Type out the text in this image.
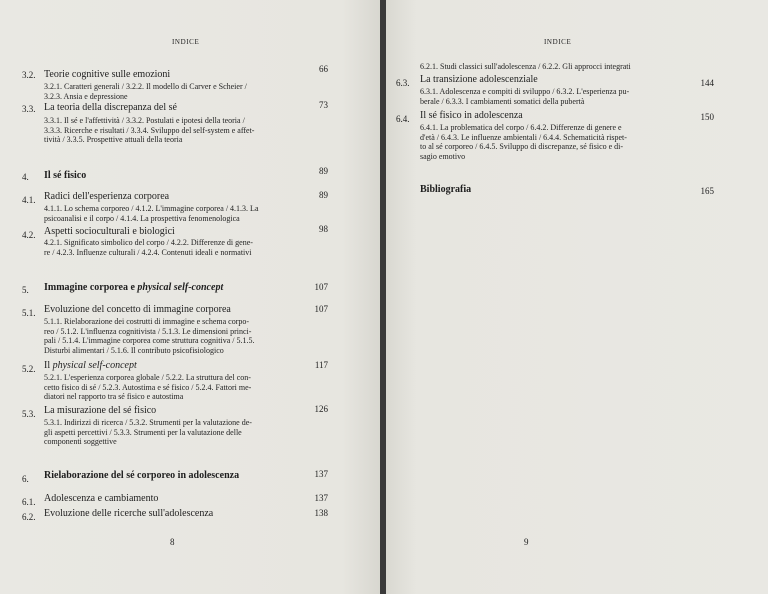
INDICE
3.2. Teorie cognitive sulle emozioni	66
3.2.1. Caratteri generali / 3.2.2. Il modello di Carver e Scheier /
3.2.3. Ansia e depressione
3.3. La teoria della discrepanza del sé	73
3.3.1. Il sé e l'affettività / 3.3.2. Postulati e ipotesi della teoria /
3.3.3. Ricerche e risultati / 3.3.4. Sviluppo del self-system e affet-
tività / 3.3.5. Prospettive attuali della teoria
4. Il sé fisico	89
4.1. Radici dell'esperienza corporea	89
4.1.1. Lo schema corporeo / 4.1.2. L'immagine corporea / 4.1.3. La
psicoanalisi e il corpo / 4.1.4. La prospettiva fenomenologica
4.2. Aspetti socioculturali e biologici	98
4.2.1. Significato simbolico del corpo / 4.2.2. Differenze di gene-
re / 4.2.3. Influenze culturali / 4.2.4. Contenuti ideali e normativi
5. Immagine corporea e physical self-concept	107
5.1. Evoluzione del concetto di immagine corporea	107
5.1.1. Rielaborazione dei costrutti di immagine e schema corpo-
reo / 5.1.2. L'influenza cognitivista / 5.1.3. Le dimensioni princi-
pali / 5.1.4. L'immagine corporea come struttura cognitiva / 5.1.5.
Disturbi alimentari / 5.1.6. Il contributo psicofisiologico
5.2. Il physical self-concept	117
5.2.1. L'esperienza corporea globale / 5.2.2. La struttura del con-
cetto fisico di sé / 5.2.3. Autostima e sé fisico / 5.2.4. Fattori me-
diatori nel rapporto tra sé fisico e autostima
5.3. La misurazione del sé fisico	126
5.3.1. Indirizzi di ricerca / 5.3.2. Strumenti per la valutazione de-
gli aspetti percettivi / 5.3.3. Strumenti per la valutazione delle
componenti soggettive
6. Rielaborazione del sé corporeo in adolescenza	137
6.1. Adolescenza e cambiamento	137
6.2. Evoluzione delle ricerche sull'adolescenza	138
8
INDICE
6.2.1. Studi classici sull'adolescenza / 6.2.2. Gli approcci integrati
6.3. La transizione adolescenziale	144
6.3.1. Adolescenza e compiti di sviluppo / 6.3.2. L'esperienza pu-
berale / 6.3.3. I cambiamenti somatici della pubertà
6.4. Il sé fisico in adolescenza	150
6.4.1. La problematica del corpo / 6.4.2. Differenze di genere e
d'età / 6.4.3. Le influenze ambientali / 6.4.4. Schematicità rispet-
to al sé corporeo / 6.4.5. Sviluppo di discrepanze, sé fisico e di-
sagio emotivo
Bibliografia	165
9
